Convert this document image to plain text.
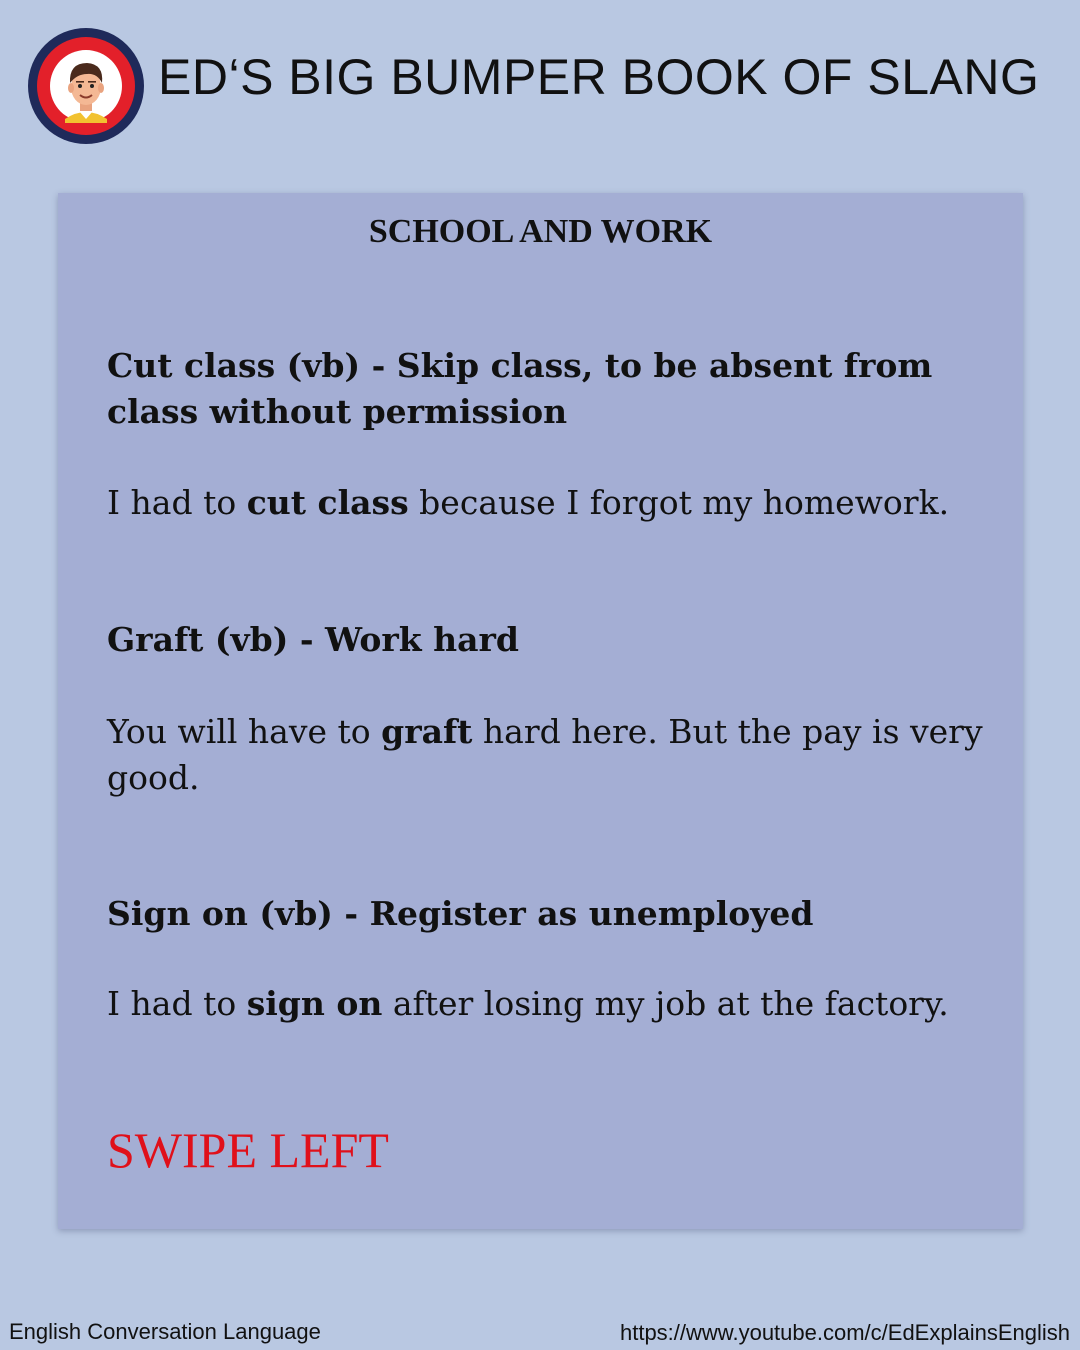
ED‘S BIG BUMPER BOOK OF SLANG
SCHOOL AND WORK

Cut class (vb) - Skip class, to be absent from class without permission

I had to cut class because I forgot my homework.

Graft (vb) - Work hard

You will have to graft hard here. But the pay is very good.

Sign on (vb) - Register as unemployed

I had to sign on after losing my job at the factory.

SWIPE LEFT
English Conversation Language	https://www.youtube.com/c/EdExplainsEnglish
